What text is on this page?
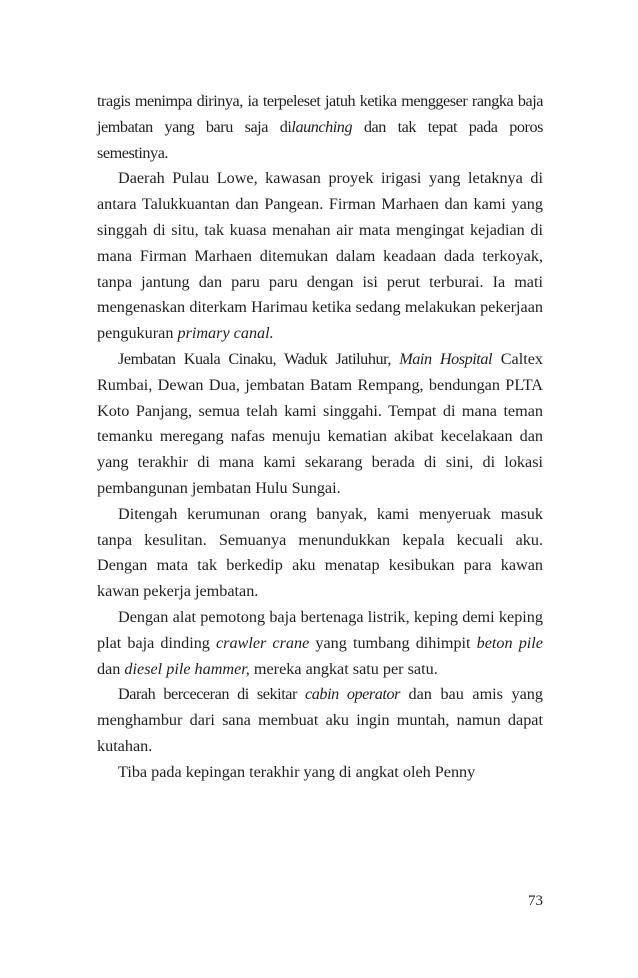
tragis menimpa dirinya, ia terpeleset jatuh ketika menggeser rangka baja jembatan yang baru saja dilaunching dan tak tepat pada poros semestinya.

Daerah Pulau Lowe, kawasan proyek irigasi yang letaknya di antara Talukkuantan dan Pangean. Firman Marhaen dan kami yang singgah di situ, tak kuasa menahan air mata mengingat kejadian di mana Firman Marhaen ditemukan dalam keadaan dada terkoyak, tanpa jantung dan paru paru dengan isi perut terburai. Ia mati mengenaskan diterkam Harimau ketika sedang melakukan pekerjaan pengukuran primary canal.

Jembatan Kuala Cinaku, Waduk Jatiluhur, Main Hospital Caltex Rumbai, Dewan Dua, jembatan Batam Rempang, bendungan PLTA Koto Panjang, semua telah kami singgahi. Tempat di mana teman temanku meregang nafas menuju kematian akibat kecelakaan dan yang terakhir di mana kami sekarang berada di sini, di lokasi pembangunan jembatan Hulu Sungai.

Ditengah kerumunan orang banyak, kami menyeruak masuk tanpa kesulitan. Semuanya menundukkan kepala kecuali aku. Dengan mata tak berkedip aku menatap kesibukan para kawan kawan pekerja jembatan.

Dengan alat pemotong baja bertenaga listrik, keping demi keping plat baja dinding crawler crane yang tumbang dihimpit beton pile dan diesel pile hammer, mereka angkat satu per satu.

Darah berceceran di sekitar cabin operator dan bau amis yang menghambur dari sana membuat aku ingin muntah, namun dapat kutahan.

Tiba pada kepingan terakhir yang di angkat oleh Penny

73
